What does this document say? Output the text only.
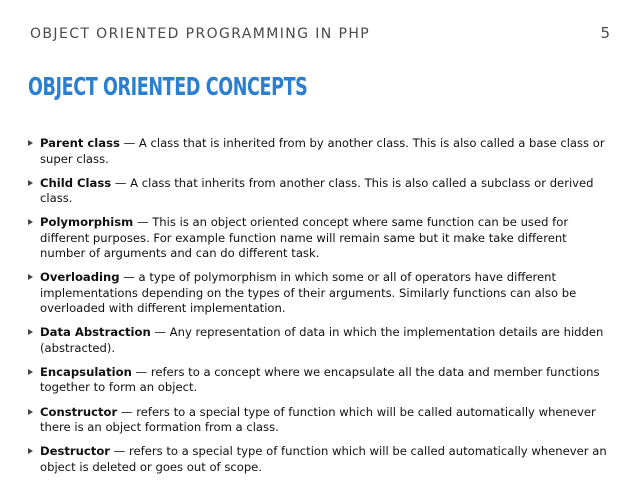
OBJECT ORIENTED PROGRAMMING IN PHP	5
OBJECT ORIENTED CONCEPTS
Parent class — A class that is inherited from by another class. This is also called a base class or super class.
Child Class — A class that inherits from another class. This is also called a subclass or derived class.
Polymorphism — This is an object oriented concept where same function can be used for different purposes. For example function name will remain same but it make take different number of arguments and can do different task.
Overloading — a type of polymorphism in which some or all of operators have different implementations depending on the types of their arguments. Similarly functions can also be overloaded with different implementation.
Data Abstraction — Any representation of data in which the implementation details are hidden (abstracted).
Encapsulation — refers to a concept where we encapsulate all the data and member functions together to form an object.
Constructor — refers to a special type of function which will be called automatically whenever there is an object formation from a class.
Destructor — refers to a special type of function which will be called automatically whenever an object is deleted or goes out of scope.
